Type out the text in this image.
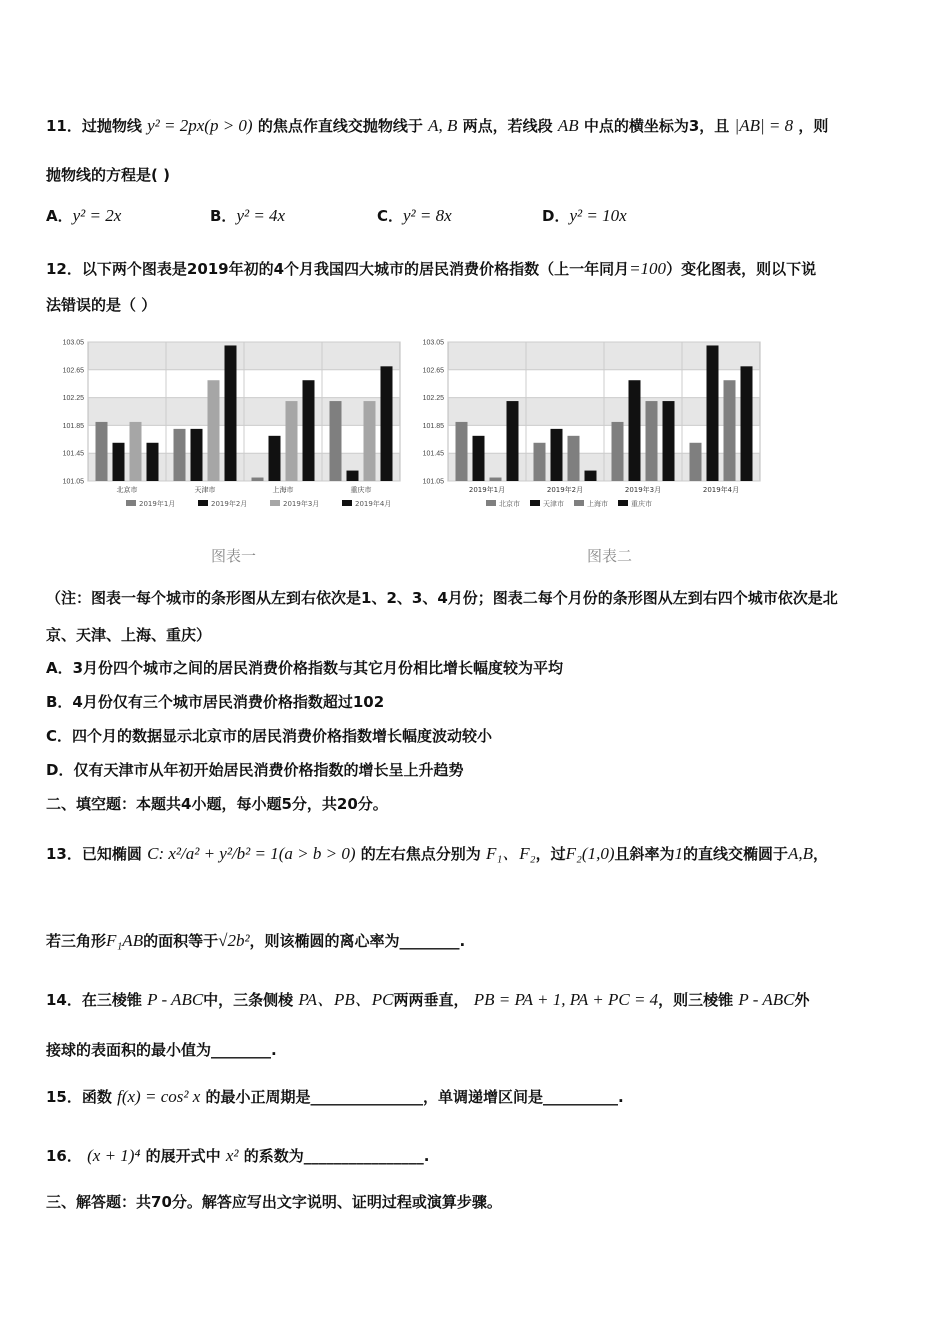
11．过抛物线 y² = 2px(p > 0) 的焦点作直线交抛物线于 A, B 两点，若线段 AB 中点的横坐标为3，且 |AB| = 8 ，则
抛物线的方程是( )
A．y² = 2x	B．y² = 4x	C．y² = 8x	D．y² = 10x
12．以下两个图表是2019年初的4个月我国四大城市的居民消费价格指数（上一年同月=100）变化图表，则以下说
法错误的是（ ）
103.05
102.65
102.25
101.85
101.45
101.05
北京市	天津市	上海市	重庆市
2019年1月	2019年2月	2019年3月	2019年4月
103.05
102.65
102.25
101.85
101.45
101.05
2019年1月	2019年2月	2019年3月	2019年4月
北京市	天津市	上海市	重庆市
图表一	图表二
（注：图表一每个城市的条形图从左到右依次是1、2、3、4月份；图表二每个月份的条形图从左到右四个城市依次是北
京、天津、上海、重庆）
A．3月份四个城市之间的居民消费价格指数与其它月份相比增长幅度较为平均
B．4月份仅有三个城市居民消费价格指数超过102
C．四个月的数据显示北京市的居民消费价格指数增长幅度波动较小
D．仅有天津市从年初开始居民消费价格指数的增长呈上升趋势
二、填空题：本题共4小题，每小题5分，共20分。
13．已知椭圆 C: x²/a² + y²/b² = 1(a > b > 0) 的左右焦点分别为 F₁、F₂，过F₂(1,0)且斜率为1的直线交椭圆于A,B，
若三角形F₁AB的面积等于√2b²，则该椭圆的离心率为________.
14．在三棱锥 P - ABC中，三条侧棱 PA、PB、PC两两垂直， PB = PA + 1, PA + PC = 4，则三棱锥 P - ABC外
接球的表面积的最小值为________.
15．函数 f(x) = cos² x 的最小正周期是_______________，单调递增区间是__________.
16． (x + 1)⁴ 的展开式中 x² 的系数为________________.
三、解答题：共70分。解答应写出文字说明、证明过程或演算步骤。
